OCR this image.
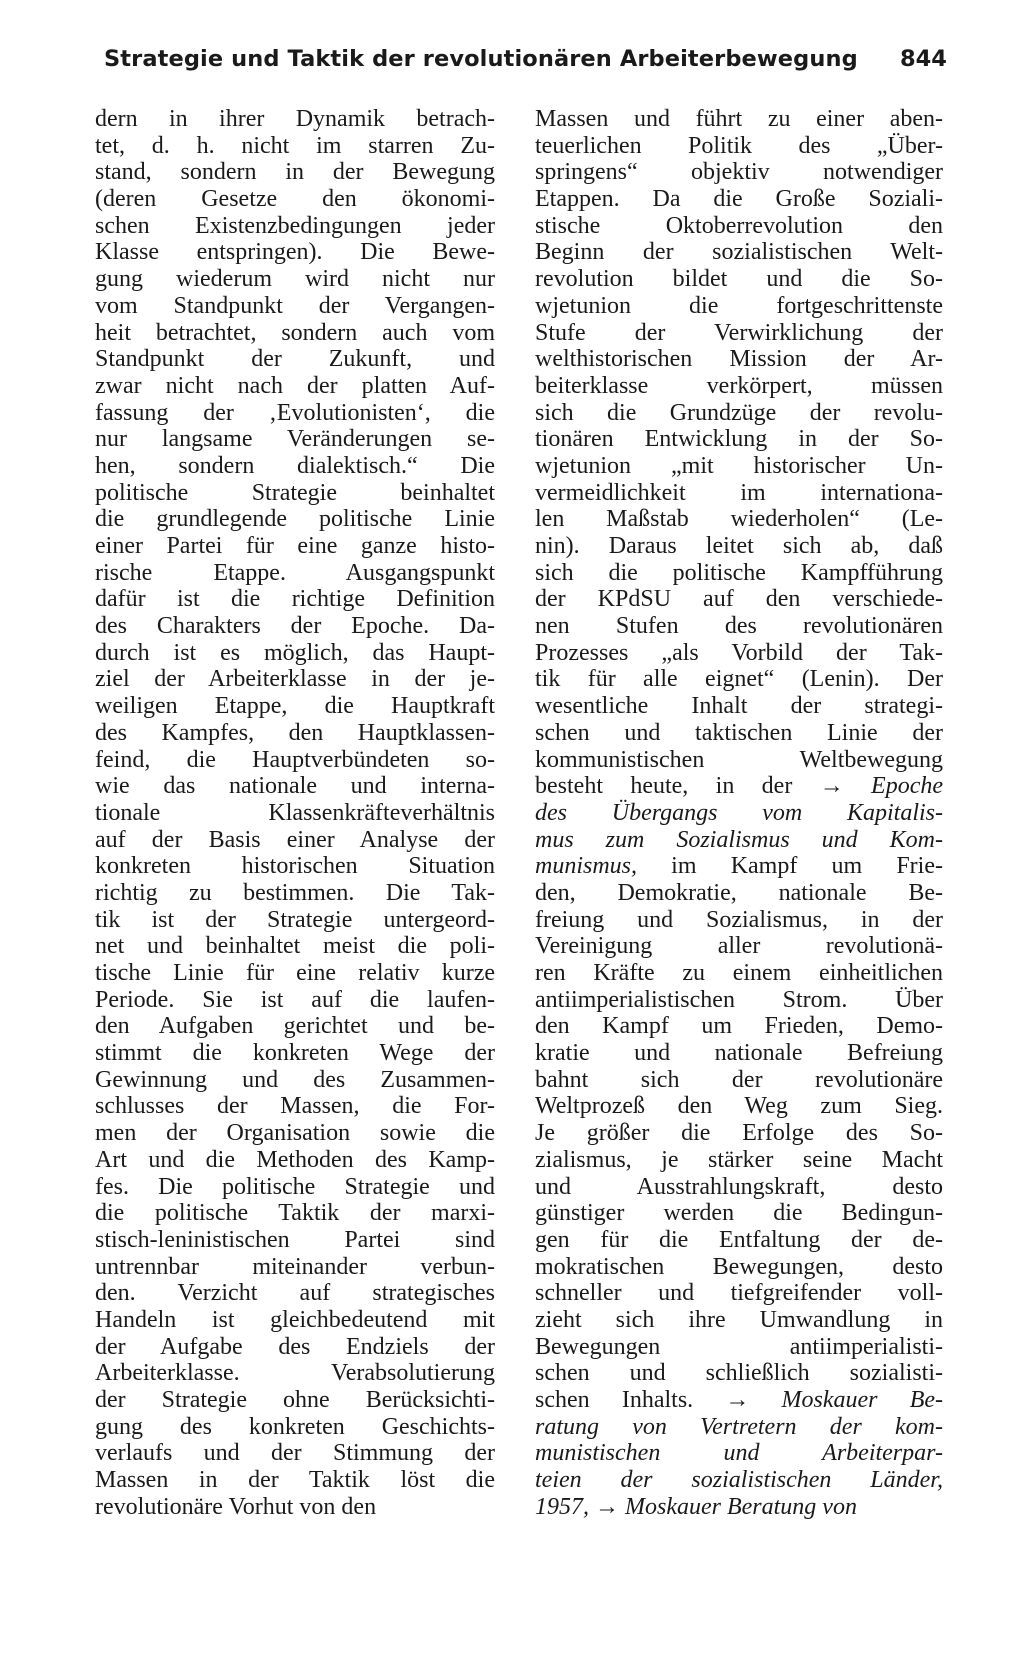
Strategie und Taktik der revolutionären Arbeiterbewegung 844
dern in ihrer Dynamik betrach-
tet, d. h. nicht im starren Zu-
stand, sondern in der Bewegung
(deren Gesetze den ökonomi-
schen Existenzbedingungen jeder
Klasse entspringen). Die Bewe-
gung wiederum wird nicht nur
vom Standpunkt der Vergangen-
heit betrachtet, sondern auch vom
Standpunkt der Zukunft, und
zwar nicht nach der platten Auf-
fassung der ‚Evolutionisten‘, die
nur langsame Veränderungen se-
hen, sondern dialektisch.“ Die
politische Strategie beinhaltet
die grundlegende politische Linie
einer Partei für eine ganze histo-
rische Etappe. Ausgangspunkt
dafür ist die richtige Definition
des Charakters der Epoche. Da-
durch ist es möglich, das Haupt-
ziel der Arbeiterklasse in der je-
weiligen Etappe, die Hauptkraft
des Kampfes, den Hauptklassen-
feind, die Hauptverbündeten so-
wie das nationale und interna-
tionale Klassenkräfteverhältnis
auf der Basis einer Analyse der
konkreten historischen Situation
richtig zu bestimmen. Die Tak-
tik ist der Strategie untergeord-
net und beinhaltet meist die poli-
tische Linie für eine relativ kurze
Periode. Sie ist auf die laufen-
den Aufgaben gerichtet und be-
stimmt die konkreten Wege der
Gewinnung und des Zusammen-
schlusses der Massen, die For-
men der Organisation sowie die
Art und die Methoden des Kamp-
fes. Die politische Strategie und
die politische Taktik der marxi-
stisch-leninistischen Partei sind
untrennbar miteinander verbun-
den. Verzicht auf strategisches
Handeln ist gleichbedeutend mit
der Aufgabe des Endziels der
Arbeiterklasse. Verabsolutierung
der Strategie ohne Berücksichti-
gung des konkreten Geschichts-
verlaufs und der Stimmung der
Massen in der Taktik löst die
revolutionäre Vorhut von den
Massen und führt zu einer aben-
teuerlichen Politik des „Über-
springens“ objektiv notwendiger
Etappen. Da die Große Soziali-
stische Oktoberrevolution den
Beginn der sozialistischen Welt-
revolution bildet und die So-
wjetunion die fortgeschrittenste
Stufe der Verwirklichung der
welthistorischen Mission der Ar-
beiterklasse verkörpert, müssen
sich die Grundzüge der revolu-
tionären Entwicklung in der So-
wjetunion „mit historischer Un-
vermeidlichkeit im internationa-
len Maßstab wiederholen“ (Le-
nin). Daraus leitet sich ab, daß
sich die politische Kampfführung
der KPdSU auf den verschiede-
nen Stufen des revolutionären
Prozesses „als Vorbild der Tak-
tik für alle eignet“ (Lenin). Der
wesentliche Inhalt der strategi-
schen und taktischen Linie der
kommunistischen Weltbewegung
besteht heute, in der → Epoche
des Übergangs vom Kapitalis-
mus zum Sozialismus und Kom-
munismus, im Kampf um Frie-
den, Demokratie, nationale Be-
freiung und Sozialismus, in der
Vereinigung aller revolutionä-
ren Kräfte zu einem einheitlichen
antiimperialistischen Strom. Über
den Kampf um Frieden, Demo-
kratie und nationale Befreiung
bahnt sich der revolutionäre
Weltprozeß den Weg zum Sieg.
Je größer die Erfolge des So-
zialismus, je stärker seine Macht
und Ausstrahlungskraft, desto
günstiger werden die Bedingun-
gen für die Entfaltung der de-
mokratischen Bewegungen, desto
schneller und tiefgreifender voll-
zieht sich ihre Umwandlung in
Bewegungen antiimperialisti-
schen und schließlich sozialisti-
schen Inhalts. → Moskauer Be-
ratung von Vertretern der kom-
munistischen und Arbeiterpar-
teien der sozialistischen Länder,
1957, → Moskauer Beratung von
